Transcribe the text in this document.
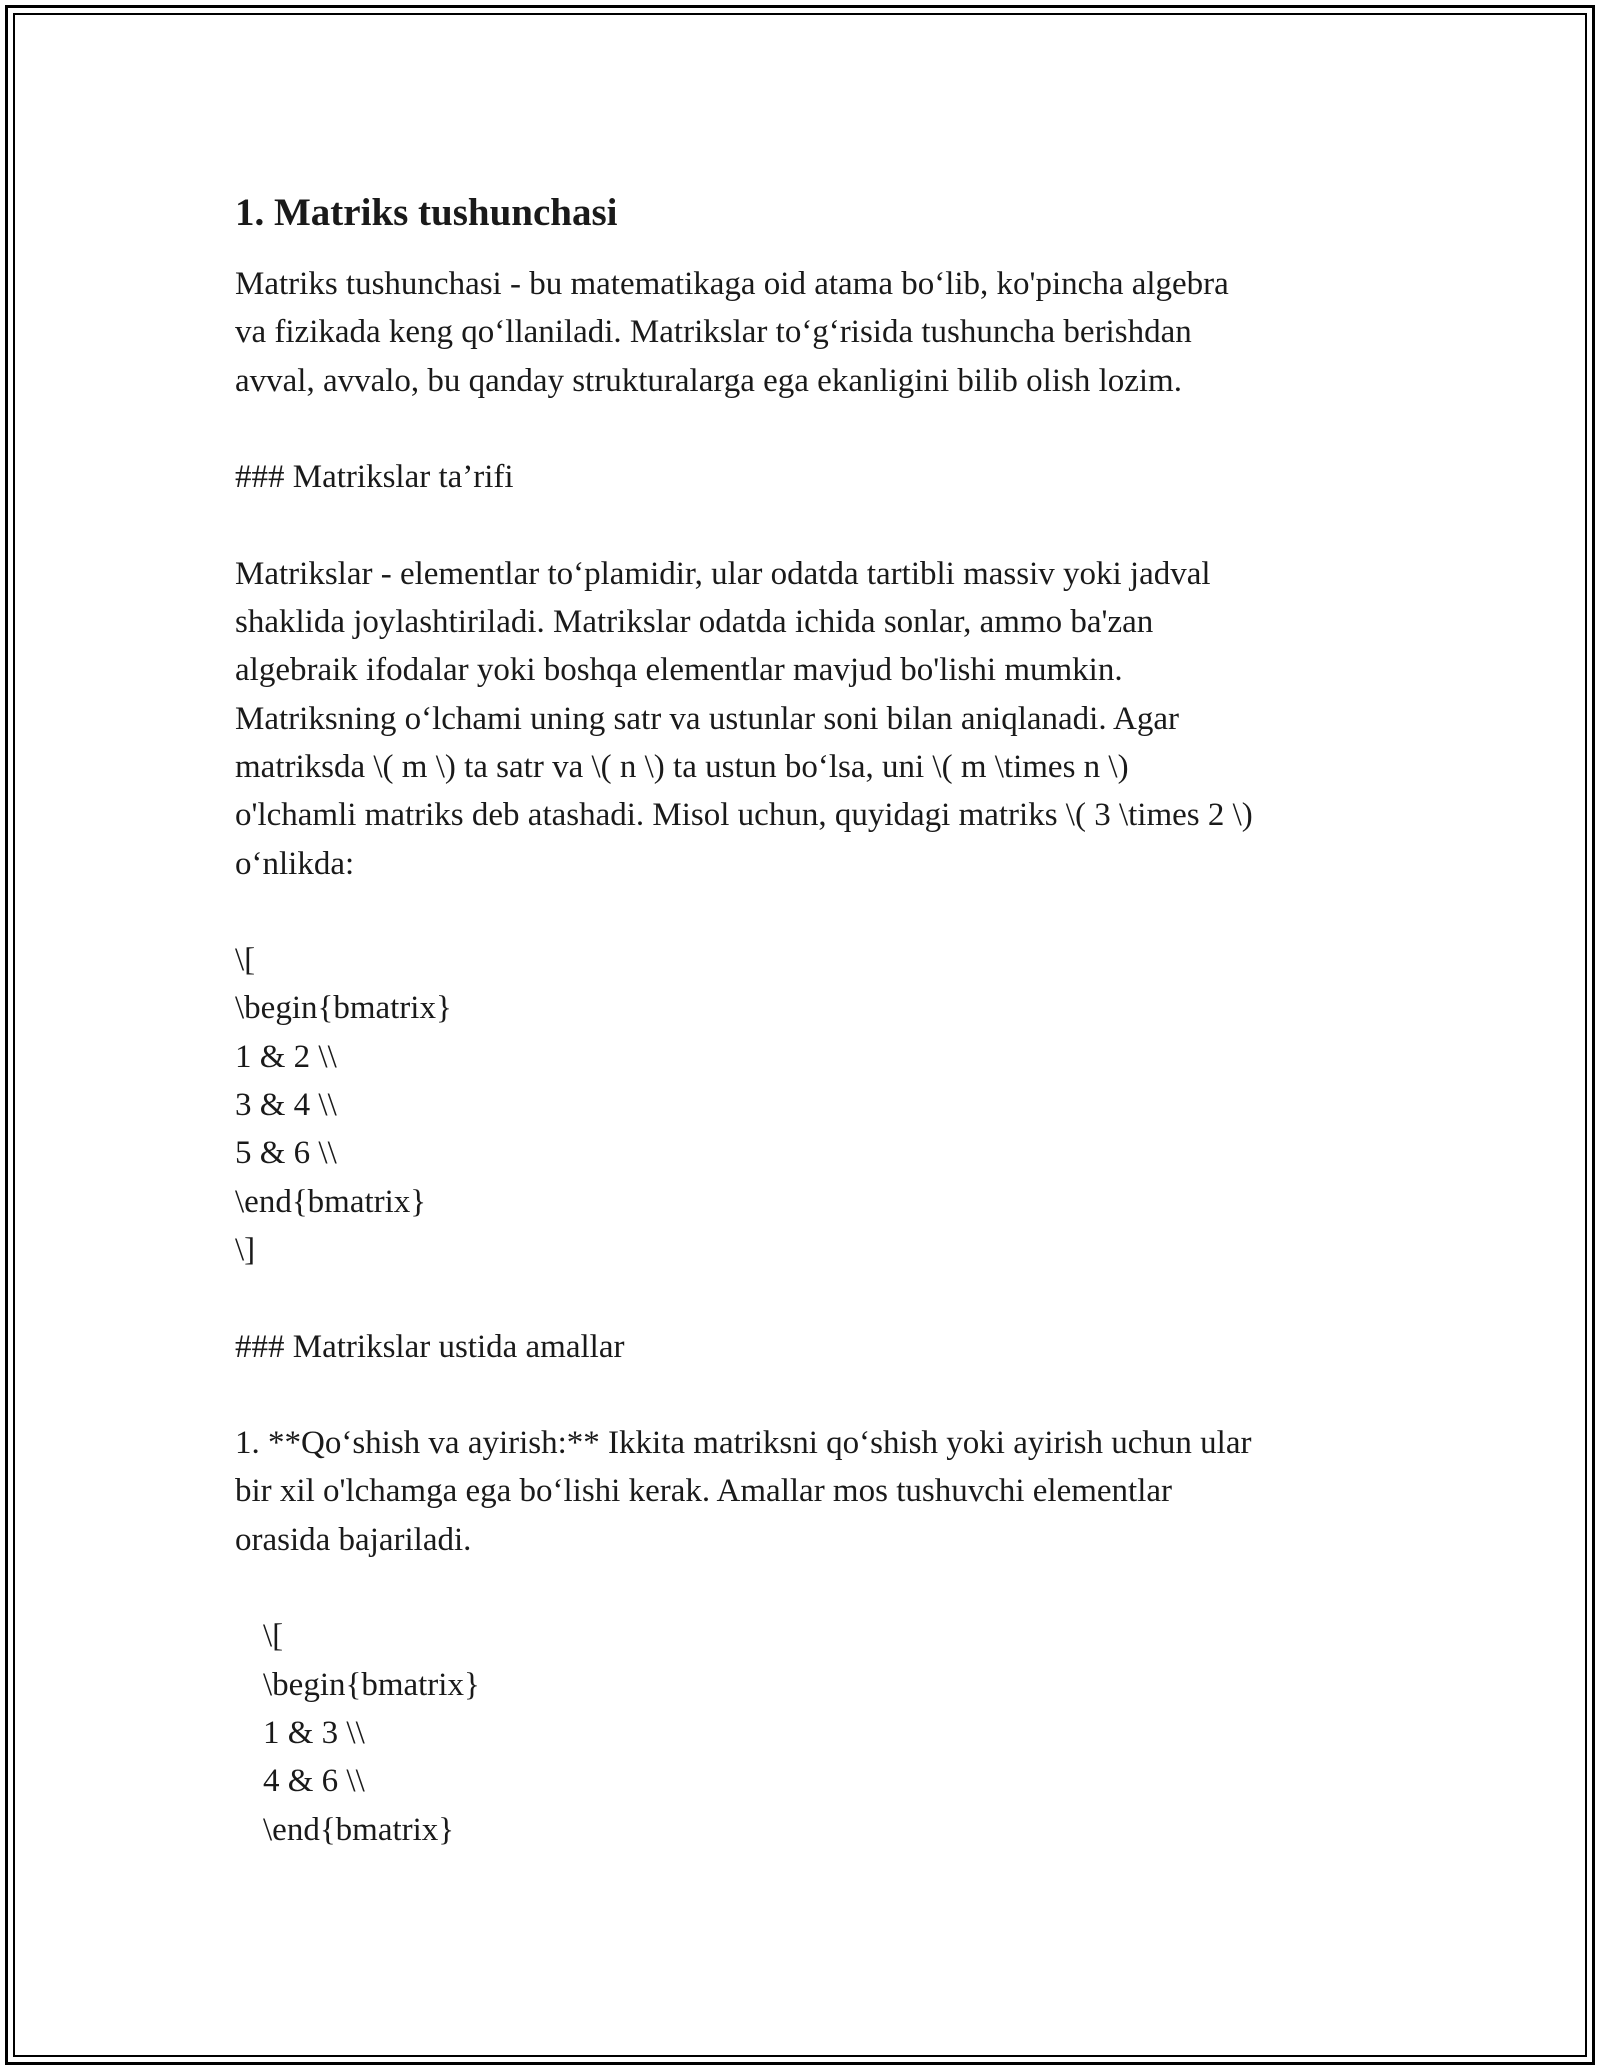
1. Matriks tushunchasi
Matriks tushunchasi - bu matematikaga oid atama bo‘lib, ko'pincha algebra
va fizikada keng qo‘llaniladi. Matrikslar to‘g‘risida tushuncha berishdan
avval, avvalo, bu qanday strukturalarga ega ekanligini bilib olish lozim.
### Matrikslar ta’rifi
Matrikslar - elementlar to‘plamidir, ular odatda tartibli massiv yoki jadval
shaklida joylashtiriladi. Matrikslar odatda ichida sonlar, ammo ba'zan
algebraik ifodalar yoki boshqa elementlar mavjud bo'lishi mumkin.
Matriksning o‘lchami uning satr va ustunlar soni bilan aniqlanadi. Agar
matriksda \( m \) ta satr va \( n \) ta ustun bo‘lsa, uni \( m \times n \)
o'lchamli matriks deb atashadi. Misol uchun, quyidagi matriks \( 3 \times 2 \)
o‘nlikda:
\[
\begin{bmatrix}
1 & 2 \\
3 & 4 \\
5 & 6 \\
\end{bmatrix}
\]
### Matrikslar ustida amallar
1. **Qo‘shish va ayirish:** Ikkita matriksni qo‘shish yoki ayirish uchun ular
bir xil o'lchamga ega bo‘lishi kerak. Amallar mos tushuvchi elementlar
orasida bajariladi.
\[
\begin{bmatrix}
1 & 3 \\
4 & 6 \\
\end{bmatrix}
